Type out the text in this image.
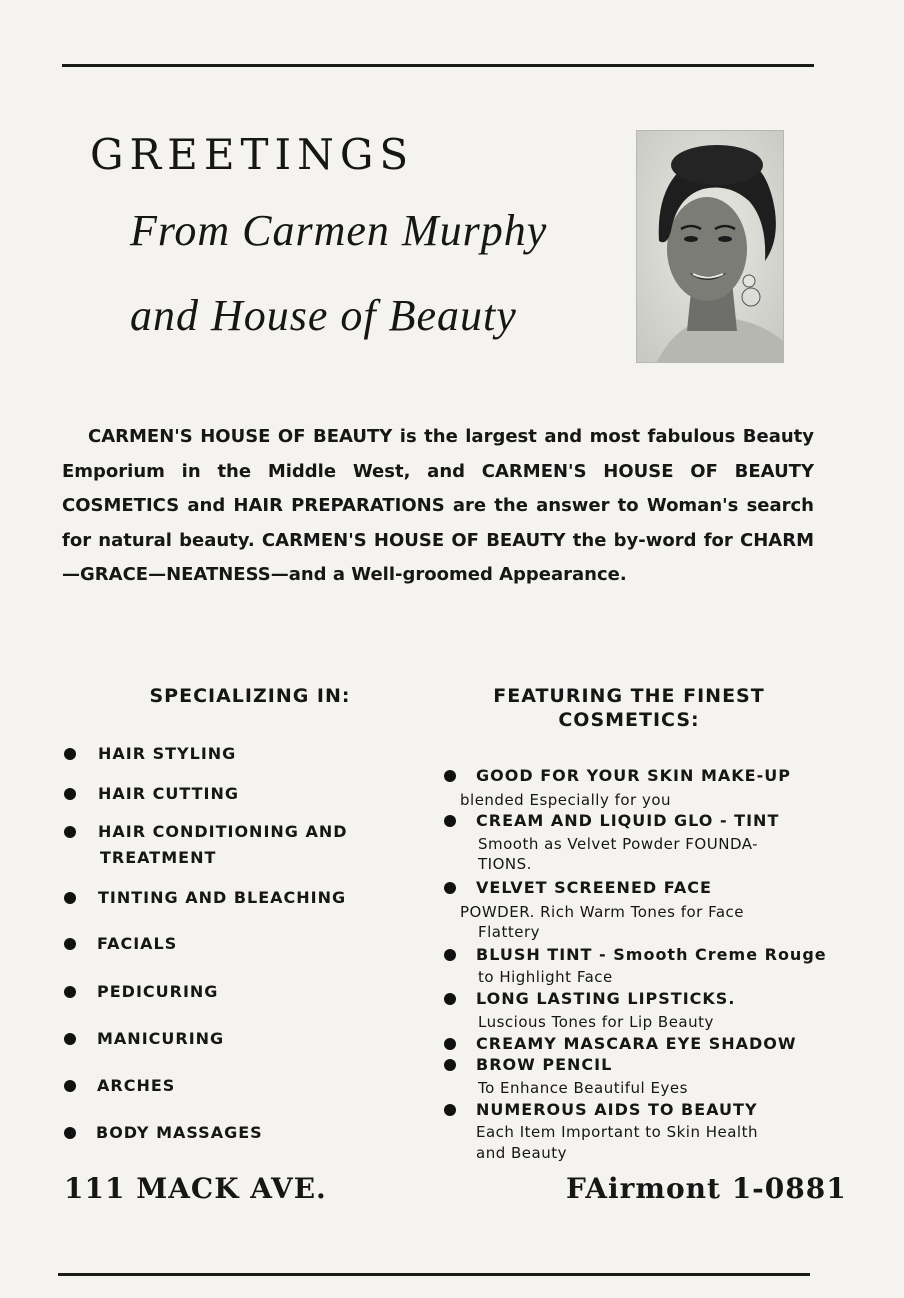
GREETINGS
From Carmen Murphy
and House of Beauty
CARMEN'S HOUSE OF BEAUTY is the largest and most fabulous Beauty Emporium in the Middle West, and CARMEN'S HOUSE OF BEAUTY COSMETICS and HAIR PREPARATIONS are the answer to Woman's search for natural beauty. CARMEN'S HOUSE OF BEAUTY the by-word for CHARM—GRACE—NEATNESS—and a Well-groomed Appearance.
SPECIALIZING IN:
HAIR STYLING
HAIR CUTTING
HAIR CONDITIONING AND
TREATMENT
TINTING AND BLEACHING
FACIALS
PEDICURING
MANICURING
ARCHES
BODY MASSAGES
FEATURING THE FINEST
COSMETICS:
GOOD FOR YOUR SKIN MAKE-UP
blended Especially for you
CREAM AND LIQUID GLO - TINT
Smooth as Velvet Powder FOUNDA-
TIONS.
VELVET SCREENED FACE
POWDER. Rich Warm Tones for Face
Flattery
BLUSH TINT - Smooth Creme Rouge
to Highlight Face
LONG LASTING LIPSTICKS.
Luscious Tones for Lip Beauty
CREAMY MASCARA EYE SHADOW
BROW PENCIL
To Enhance Beautiful Eyes
NUMEROUS AIDS TO BEAUTY
Each Item Important to Skin Health
and Beauty
111 MACK AVE.	FAirmont 1-0881
